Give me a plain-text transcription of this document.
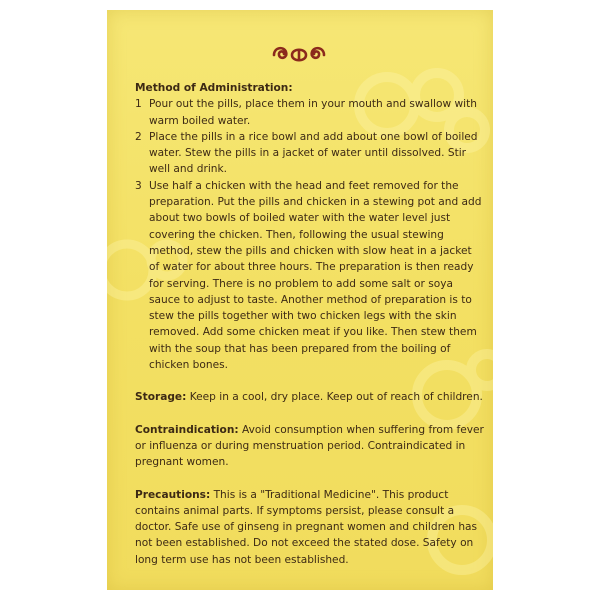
Method of Administration:
1 Pour out the pills, place them in your mouth and swallow with warm boiled water.
2 Place the pills in a rice bowl and add about one bowl of boiled water. Stew the pills in a jacket of water until dissolved. Stir well and drink.
3 Use half a chicken with the head and feet removed for the preparation. Put the pills and chicken in a stewing pot and add about two bowls of boiled water with the water level just covering the chicken. Then, following the usual stewing method, stew the pills and chicken with slow heat in a jacket of water for about three hours. The preparation is then ready for serving. There is no problem to add some salt or soya sauce to adjust to taste. Another method of preparation is to stew the pills together with two chicken legs with the skin removed. Add some chicken meat if you like. Then stew them with the soup that has been prepared from the boiling of chicken bones.

Storage: Keep in a cool, dry place. Keep out of reach of children.

Contraindication: Avoid consumption when suffering from fever or influenza or during menstruation period. Contraindicated in pregnant women.

Precautions: This is a "Traditional Medicine". This product contains animal parts. If symptoms persist, please consult a doctor. Safe use of ginseng in pregnant women and children has not been established. Do not exceed the stated dose. Safety on long term use has not been established.
